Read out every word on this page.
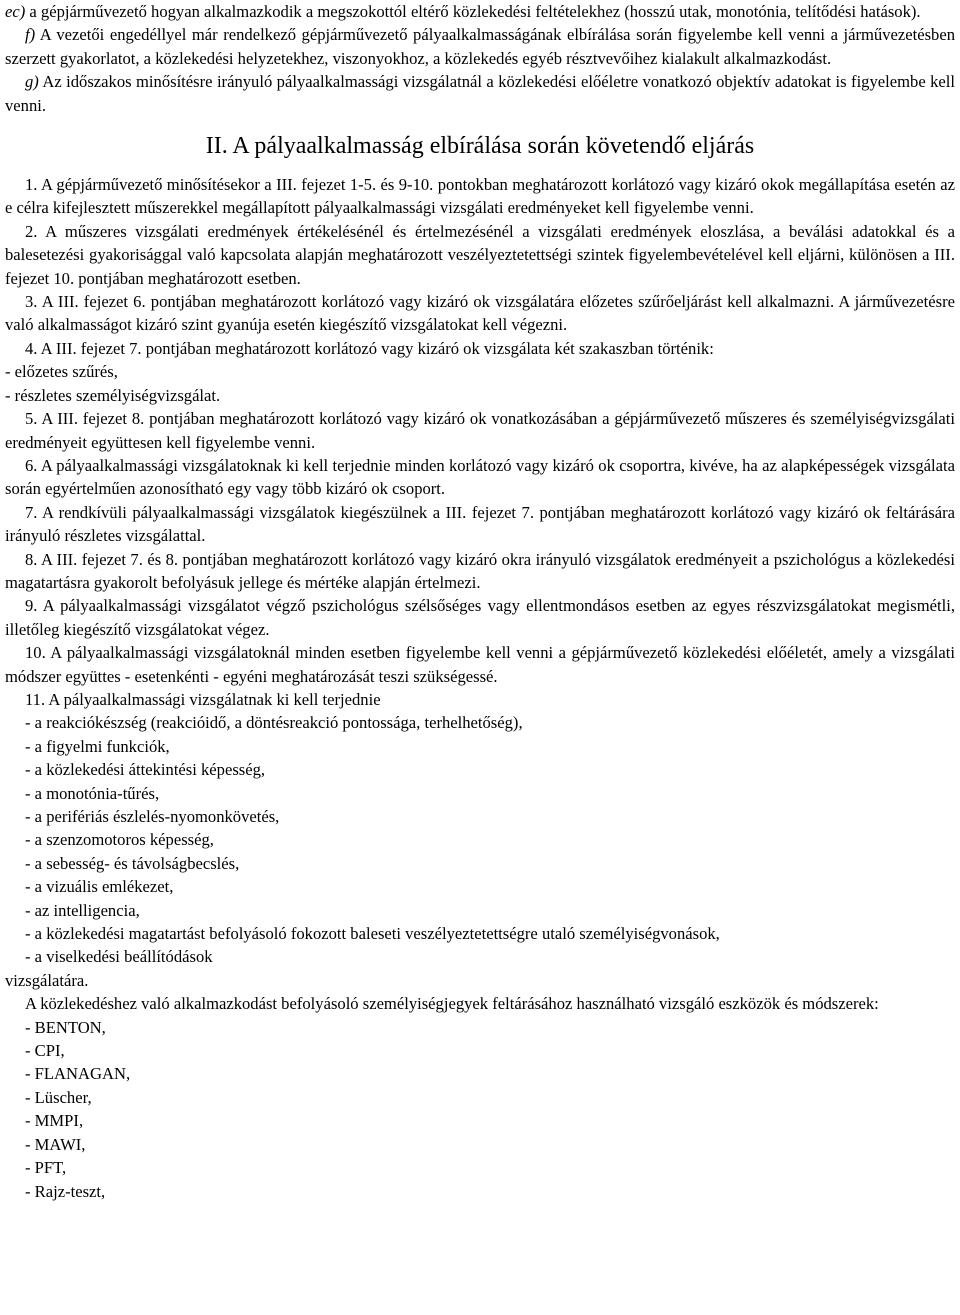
ec) a gépjárművezető hogyan alkalmazkodik a megszokottól eltérő közlekedési feltételekhez (hosszú utak, monotónia, telítődési hatások).

f) A vezetői engedéllyel már rendelkező gépjárművezető pályaalkalmasságának elbírálása során figyelembe kell venni a járművezetésben szerzett gyakorlatot, a közlekedési helyzetekhez, viszonyokhoz, a közlekedés egyéb résztvevőihez kialakult alkalmazkodást.

g) Az időszakos minősítésre irányuló pályaalkalmassági vizsgálatnál a közlekedési előéletre vonatkozó objektív adatokat is figyelembe kell venni.

II. A pályaalkalmasság elbírálása során követendő eljárás

1. A gépjárművezető minősítésekor a III. fejezet 1-5. és 9-10. pontokban meghatározott korlátozó vagy kizáró okok megállapítása esetén az e célra kifejlesztett műszerekkel megállapított pályaalkalmassági vizsgálati eredményeket kell figyelembe venni.

2. A műszeres vizsgálati eredmények értékelésénél és értelmezésénél a vizsgálati eredmények eloszlása, a beválási adatokkal és a balesetezési gyakorisággal való kapcsolata alapján meghatározott veszélyeztetettségi szintek figyelembevételével kell eljárni, különösen a III. fejezet 10. pontjában meghatározott esetben.

3. A III. fejezet 6. pontjában meghatározott korlátozó vagy kizáró ok vizsgálatára előzetes szűrőeljárást kell alkalmazni. A járművezetésre való alkalmasságot kizáró szint gyanúja esetén kiegészítő vizsgálatokat kell végezni.

4. A III. fejezet 7. pontjában meghatározott korlátozó vagy kizáró ok vizsgálata két szakaszban történik:

- előzetes szűrés,

- részletes személyiségvizsgálat.

5. A III. fejezet 8. pontjában meghatározott korlátozó vagy kizáró ok vonatkozásában a gépjárművezető műszeres és személyiségvizsgálati eredményeit együttesen kell figyelembe venni.

6. A pályaalkalmassági vizsgálatoknak ki kell terjednie minden korlátozó vagy kizáró ok csoportra, kivéve, ha az alapképességek vizsgálata során egyértelműen azonosítható egy vagy több kizáró ok csoport.

7. A rendkívüli pályaalkalmassági vizsgálatok kiegészülnek a III. fejezet 7. pontjában meghatározott korlátozó vagy kizáró ok feltárására irányuló részletes vizsgálattal.

8. A III. fejezet 7. és 8. pontjában meghatározott korlátozó vagy kizáró okra irányuló vizsgálatok eredményeit a pszichológus a közlekedési magatartásra gyakorolt befolyásuk jellege és mértéke alapján értelmezi.

9. A pályaalkalmassági vizsgálatot végző pszichológus szélsőséges vagy ellentmondásos esetben az egyes részvizsgálatokat megismétli, illetőleg kiegészítő vizsgálatokat végez.

10. A pályaalkalmassági vizsgálatoknál minden esetben figyelembe kell venni a gépjárművezető közlekedési előéletét, amely a vizsgálati módszer együttes - esetenkénti - egyéni meghatározását teszi szükségessé.

11. A pályaalkalmassági vizsgálatnak ki kell terjednie

- a reakciókészség (reakcióidő, a döntésreakció pontossága, terhelhetőség),

- a figyelmi funkciók,

- a közlekedési áttekintési képesség,

- a monotónia-tűrés,

- a perifériás észlelés-nyomonkövetés,

- a szenzomotoros képesség,

- a sebesség- és távolságbecslés,

- a vizuális emlékezet,

- az intelligencia,

- a közlekedési magatartást befolyásoló fokozott baleseti veszélyeztetettségre utaló személyiségvonások,

- a viselkedési beállítódások

vizsgálatára.

A közlekedéshez való alkalmazkodást befolyásoló személyiségjegyek feltárásához használható vizsgáló eszközök és módszerek:

- BENTON,

- CPI,

- FLANAGAN,

- Lüscher,

- MMPI,

- MAWI,

- PFT,

- Rajz-teszt,
